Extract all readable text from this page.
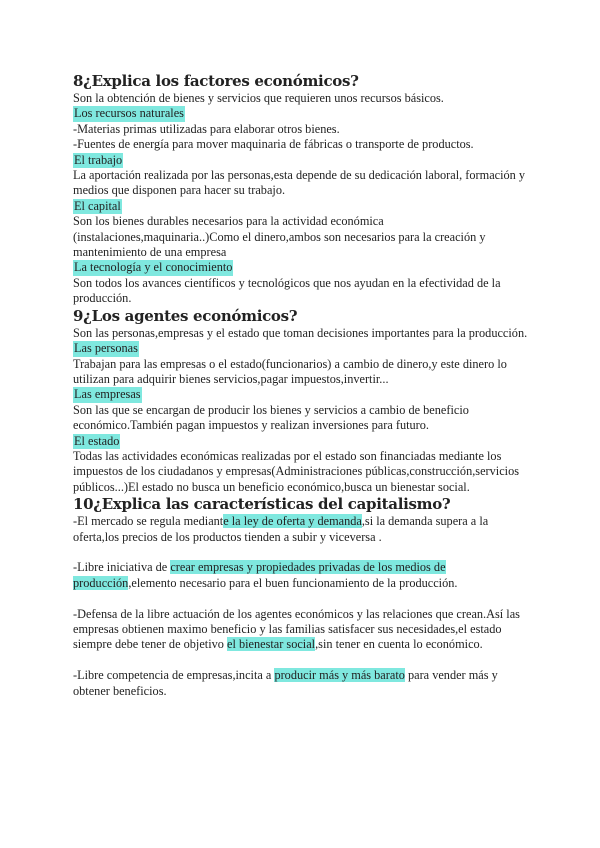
8¿Explica los factores económicos?

Son la obtención de bienes y servicios que requieren unos recursos básicos.

Los recursos naturales

-Materias primas utilizadas para elaborar otros bienes.

-Fuentes de energía para mover maquinaria de fábricas o transporte de productos.

El trabajo

La aportación realizada por las personas,esta depende de su dedicación laboral, formación y medios que disponen para hacer su trabajo.

El capital

Son los bienes durables necesarios para la actividad económica (instalaciones,maquinaria..)Como el dinero,ambos son necesarios para la creación y mantenimiento de una empresa

La tecnología y el conocimiento

Son todos los avances científicos y tecnológicos que nos ayudan en la efectividad de la producción.

9¿Los agentes económicos?

Son las personas,empresas y el estado que toman decisiones importantes para la producción.

Las personas

Trabajan para las empresas o el estado(funcionarios) a cambio de dinero,y este dinero lo utilizan para adquirir bienes servicios,pagar impuestos,invertir...

Las empresas

Son las que se encargan de producir los bienes y servicios a cambio de beneficio económico.También pagan impuestos y realizan inversiones para futuro.

El estado

Todas las actividades económicas realizadas por el estado son financiadas mediante los impuestos de los ciudadanos y empresas(Administraciones públicas,construcción,servicios públicos...)El estado no busca un beneficio económico,busca un bienestar social.

10¿Explica las características del capitalismo?

-El mercado se regula mediante la ley de oferta y demanda,si la demanda supera a la oferta,los precios de los productos tienden a subir y viceversa .

-Libre iniciativa de crear empresas y propiedades privadas de los medios de producción,elemento necesario para el buen funcionamiento de la producción.

-Defensa de la libre actuación de los agentes económicos y las relaciones que crean.Así las empresas obtienen maximo beneficio y las familias satisfacer sus necesidades,el estado siempre debe tener de objetivo el bienestar social,sin tener en cuenta lo económico.

-Libre competencia de empresas,incita a producir más y más barato para vender más y obtener beneficios.
